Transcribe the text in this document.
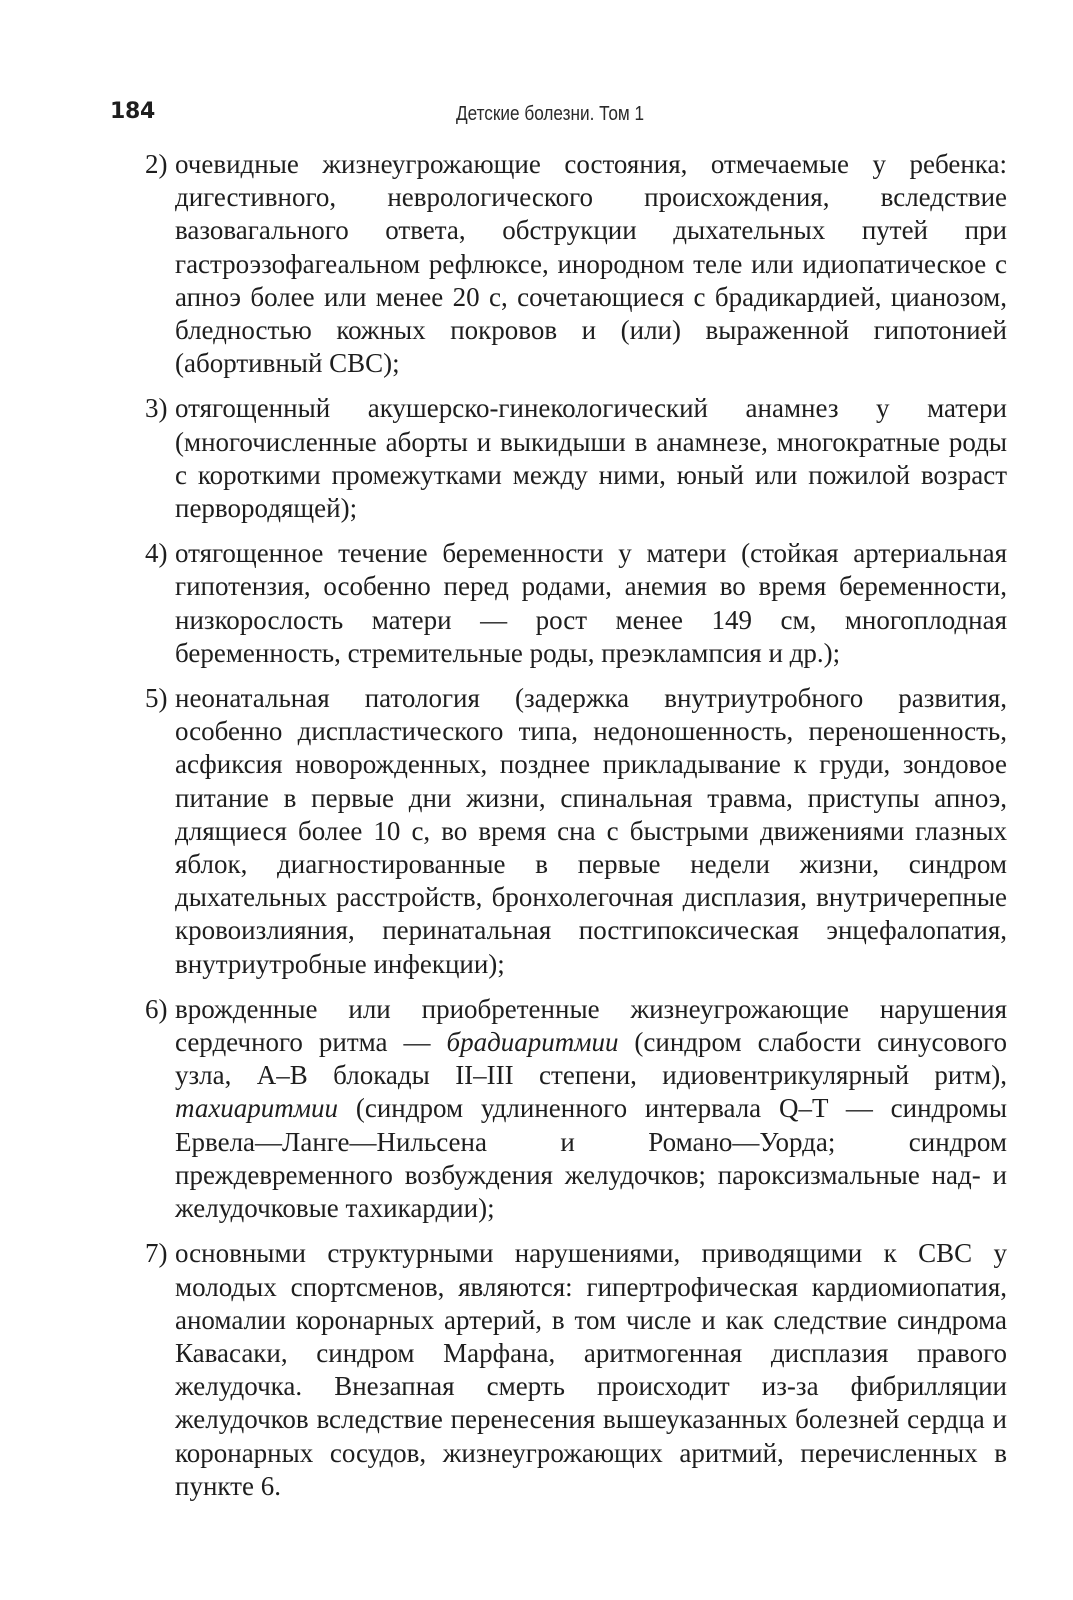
184	Детские болезни. Том 1
2) очевидные жизнеугрожающие состояния, отмечаемые у ребенка: дигестивного, неврологического происхождения, вследствие вазовагального ответа, обструкции дыхательных путей при гастроэзофагеальном рефлюксе, инородном теле или идиопатическое с апноэ более или менее 20 с, сочетающиеся с брадикардией, цианозом, бледностью кожных покровов и (или) выраженной гипотонией (абортивный СВС);
3) отягощенный акушерско-гинекологический анамнез у матери (многочисленные аборты и выкидыши в анамнезе, многократные роды с короткими промежутками между ними, юный или пожилой возраст первородящей);
4) отягощенное течение беременности у матери (стойкая артериальная гипотензия, особенно перед родами, анемия во время беременности, низкорослость матери — рост менее 149 см, многоплодная беременность, стремительные роды, преэклампсия и др.);
5) неонатальная патология (задержка внутриутробного развития, особенно диспластического типа, недоношенность, переношенность, асфиксия новорожденных, позднее прикладывание к груди, зондовое питание в первые дни жизни, спинальная травма, приступы апноэ, длящиеся более 10 с, во время сна с быстрыми движениями глазных яблок, диагностированные в первые недели жизни, синдром дыхательных расстройств, бронхолегочная дисплазия, внутричерепные кровоизлияния, перинатальная постгипоксическая энцефалопатия, внутриутробные инфекции);
6) врожденные или приобретенные жизнеугрожающие нарушения сердечного ритма — брадиаритмии (синдром слабости синусового узла, A–B блокады II–III степени, идиовентрикулярный ритм), тахиаритмии (синдром удлиненного интервала Q–T — синдромы Ервела—Ланге—Нильсена и Романо—Уорда; синдром преждевременного возбуждения желудочков; пароксизмальные над- и желудочковые тахикардии);
7) основными структурными нарушениями, приводящими к СВС у молодых спортсменов, являются: гипертрофическая кардиомиопатия, аномалии коронарных артерий, в том числе и как следствие синдрома Кавасаки, синдром Марфана, аритмогенная дисплазия правого желудочка. Внезапная смерть происходит из-за фибрилляции желудочков вследствие перенесения вышеуказанных болезней сердца и коронарных сосудов, жизнеугрожающих аритмий, перечисленных в пункте 6.
